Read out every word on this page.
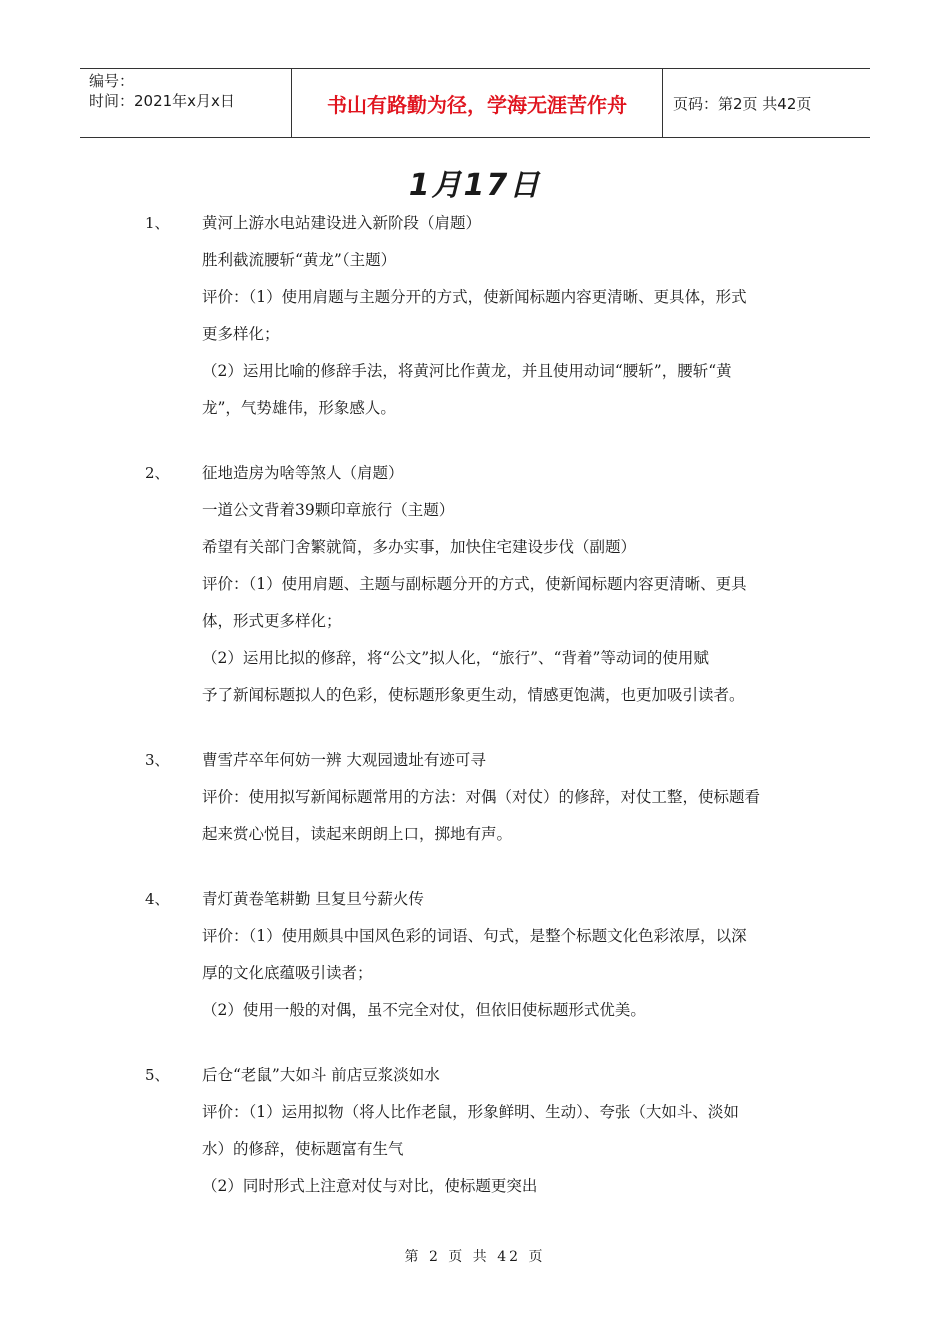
编号：
时间：2021年x月x日	书山有路勤为径，学海无涯苦作舟	页码：第2页 共42页
1月17日
1、 黄河上游水电站建设进入新阶段（肩题）
胜利截流腰斩“黄龙”（主题）
评价：（1）使用肩题与主题分开的方式，使新闻标题内容更清晰、更具体，形式
更多样化；
（2）运用比喻的修辞手法，将黄河比作黄龙，并且使用动词“腰斩”，腰斩“黄
龙”，气势雄伟，形象感人。
2、 征地造房为啥等煞人（肩题）
一道公文背着39颗印章旅行（主题）
希望有关部门舍繁就简，多办实事，加快住宅建设步伐（副题）
评价：（1）使用肩题、主题与副标题分开的方式，使新闻标题内容更清晰、更具
体，形式更多样化；
（2）运用比拟的修辞，将“公文”拟人化，“旅行”、“背着”等动词的使用赋
予了新闻标题拟人的色彩，使标题形象更生动，情感更饱满，也更加吸引读者。
3、 曹雪芹卒年何妨一辨 大观园遗址有迹可寻
评价：使用拟写新闻标题常用的方法：对偶（对仗）的修辞，对仗工整，使标题看
起来赏心悦目，读起来朗朗上口，掷地有声。
4、 青灯黄卷笔耕勤 旦复旦兮薪火传
评价：（1）使用颇具中国风色彩的词语、句式，是整个标题文化色彩浓厚，以深
厚的文化底蕴吸引读者；
（2）使用一般的对偶，虽不完全对仗，但依旧使标题形式优美。
5、 后仓“老鼠”大如斗 前店豆浆淡如水
评价：（1）运用拟物（将人比作老鼠，形象鲜明、生动）、夸张（大如斗、淡如
水）的修辞，使标题富有生气
（2）同时形式上注意对仗与对比，使标题更突出
第 2 页 共 42 页
